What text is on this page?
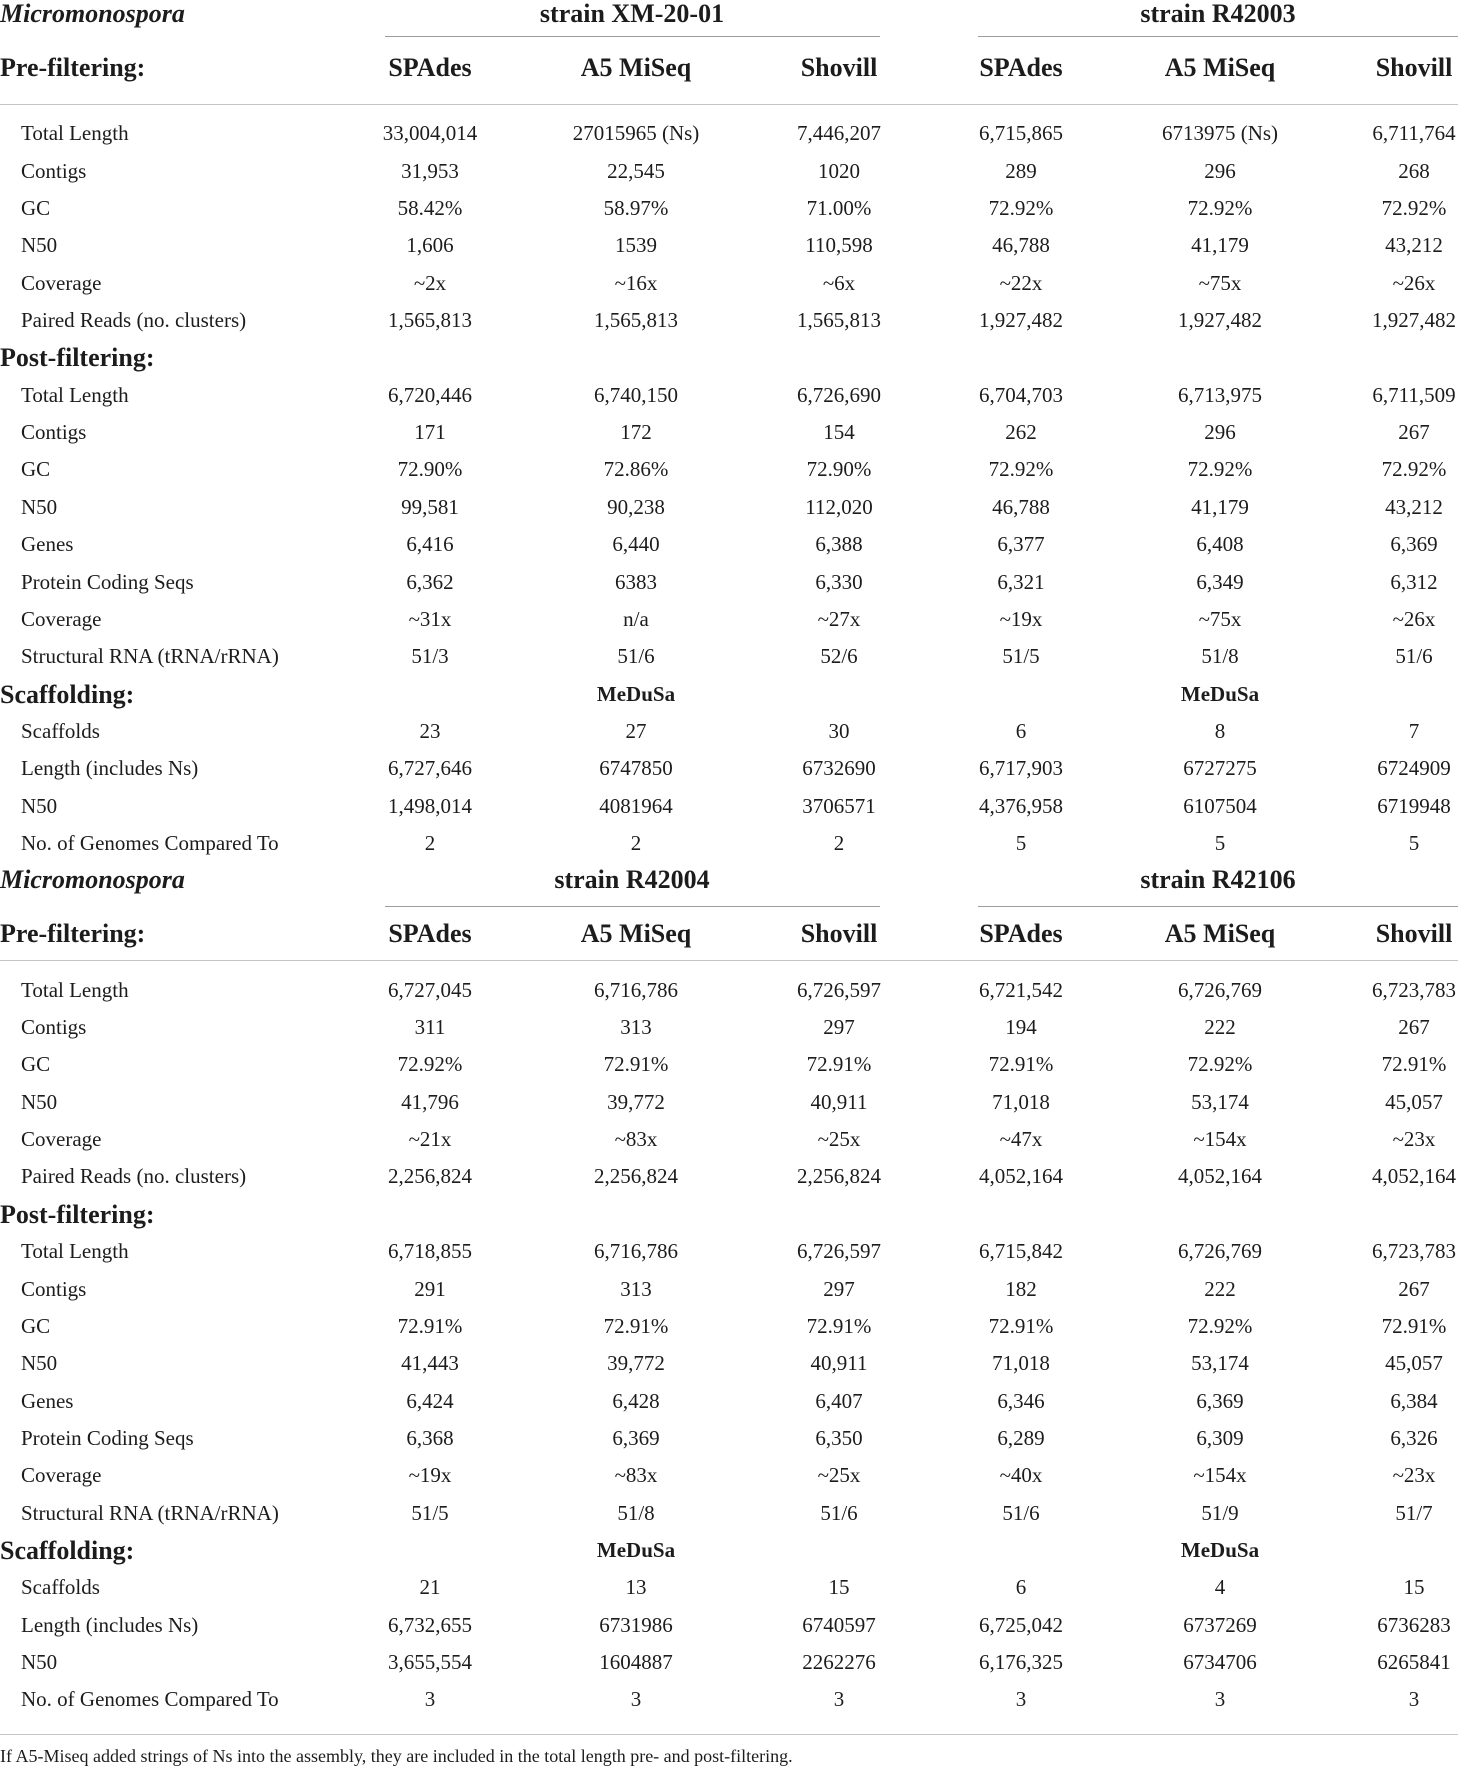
Micromonospora	strain XM-20-01	strain R42003
Pre-filtering:	SPAdes	A5 MiSeq	Shovill	SPAdes	A5 MiSeq	Shovill
Total Length	33,004,014	27015965 (Ns)	7,446,207	6,715,865	6713975 (Ns)	6,711,764
Contigs	31,953	22,545	1020	289	296	268
GC	58.42%	58.97%	71.00%	72.92%	72.92%	72.92%
N50	1,606	1539	110,598	46,788	41,179	43,212
Coverage	~2x	~16x	~6x	~22x	~75x	~26x
Paired Reads (no. clusters)	1,565,813	1,565,813	1,565,813	1,927,482	1,927,482	1,927,482
Post-filtering:
Total Length	6,720,446	6,740,150	6,726,690	6,704,703	6,713,975	6,711,509
Contigs	171	172	154	262	296	267
GC	72.90%	72.86%	72.90%	72.92%	72.92%	72.92%
N50	99,581	90,238	112,020	46,788	41,179	43,212
Genes	6,416	6,440	6,388	6,377	6,408	6,369
Protein Coding Seqs	6,362	6383	6,330	6,321	6,349	6,312
Coverage	~31x	n/a	~27x	~19x	~75x	~26x
Structural RNA (tRNA/rRNA)	51/3	51/6	52/6	51/5	51/8	51/6
Scaffolding:	MeDuSa	MeDuSa
Scaffolds	23	27	30	6	8	7
Length (includes Ns)	6,727,646	6747850	6732690	6,717,903	6727275	6724909
N50	1,498,014	4081964	3706571	4,376,958	6107504	6719948
No. of Genomes Compared To	2	2	2	5	5	5
Micromonospora	strain R42004	strain R42106
Pre-filtering:	SPAdes	A5 MiSeq	Shovill	SPAdes	A5 MiSeq	Shovill
Total Length	6,727,045	6,716,786	6,726,597	6,721,542	6,726,769	6,723,783
Contigs	311	313	297	194	222	267
GC	72.92%	72.91%	72.91%	72.91%	72.92%	72.91%
N50	41,796	39,772	40,911	71,018	53,174	45,057
Coverage	~21x	~83x	~25x	~47x	~154x	~23x
Paired Reads (no. clusters)	2,256,824	2,256,824	2,256,824	4,052,164	4,052,164	4,052,164
Post-filtering:
Total Length	6,718,855	6,716,786	6,726,597	6,715,842	6,726,769	6,723,783
Contigs	291	313	297	182	222	267
GC	72.91%	72.91%	72.91%	72.91%	72.92%	72.91%
N50	41,443	39,772	40,911	71,018	53,174	45,057
Genes	6,424	6,428	6,407	6,346	6,369	6,384
Protein Coding Seqs	6,368	6,369	6,350	6,289	6,309	6,326
Coverage	~19x	~83x	~25x	~40x	~154x	~23x
Structural RNA (tRNA/rRNA)	51/5	51/8	51/6	51/6	51/9	51/7
Scaffolding:	MeDuSa	MeDuSa
Scaffolds	21	13	15	6	4	15
Length (includes Ns)	6,732,655	6731986	6740597	6,725,042	6737269	6736283
N50	3,655,554	1604887	2262276	6,176,325	6734706	6265841
No. of Genomes Compared To	3	3	3	3	3	3
If A5-Miseq added strings of Ns into the assembly, they are included in the total length pre- and post-filtering.
